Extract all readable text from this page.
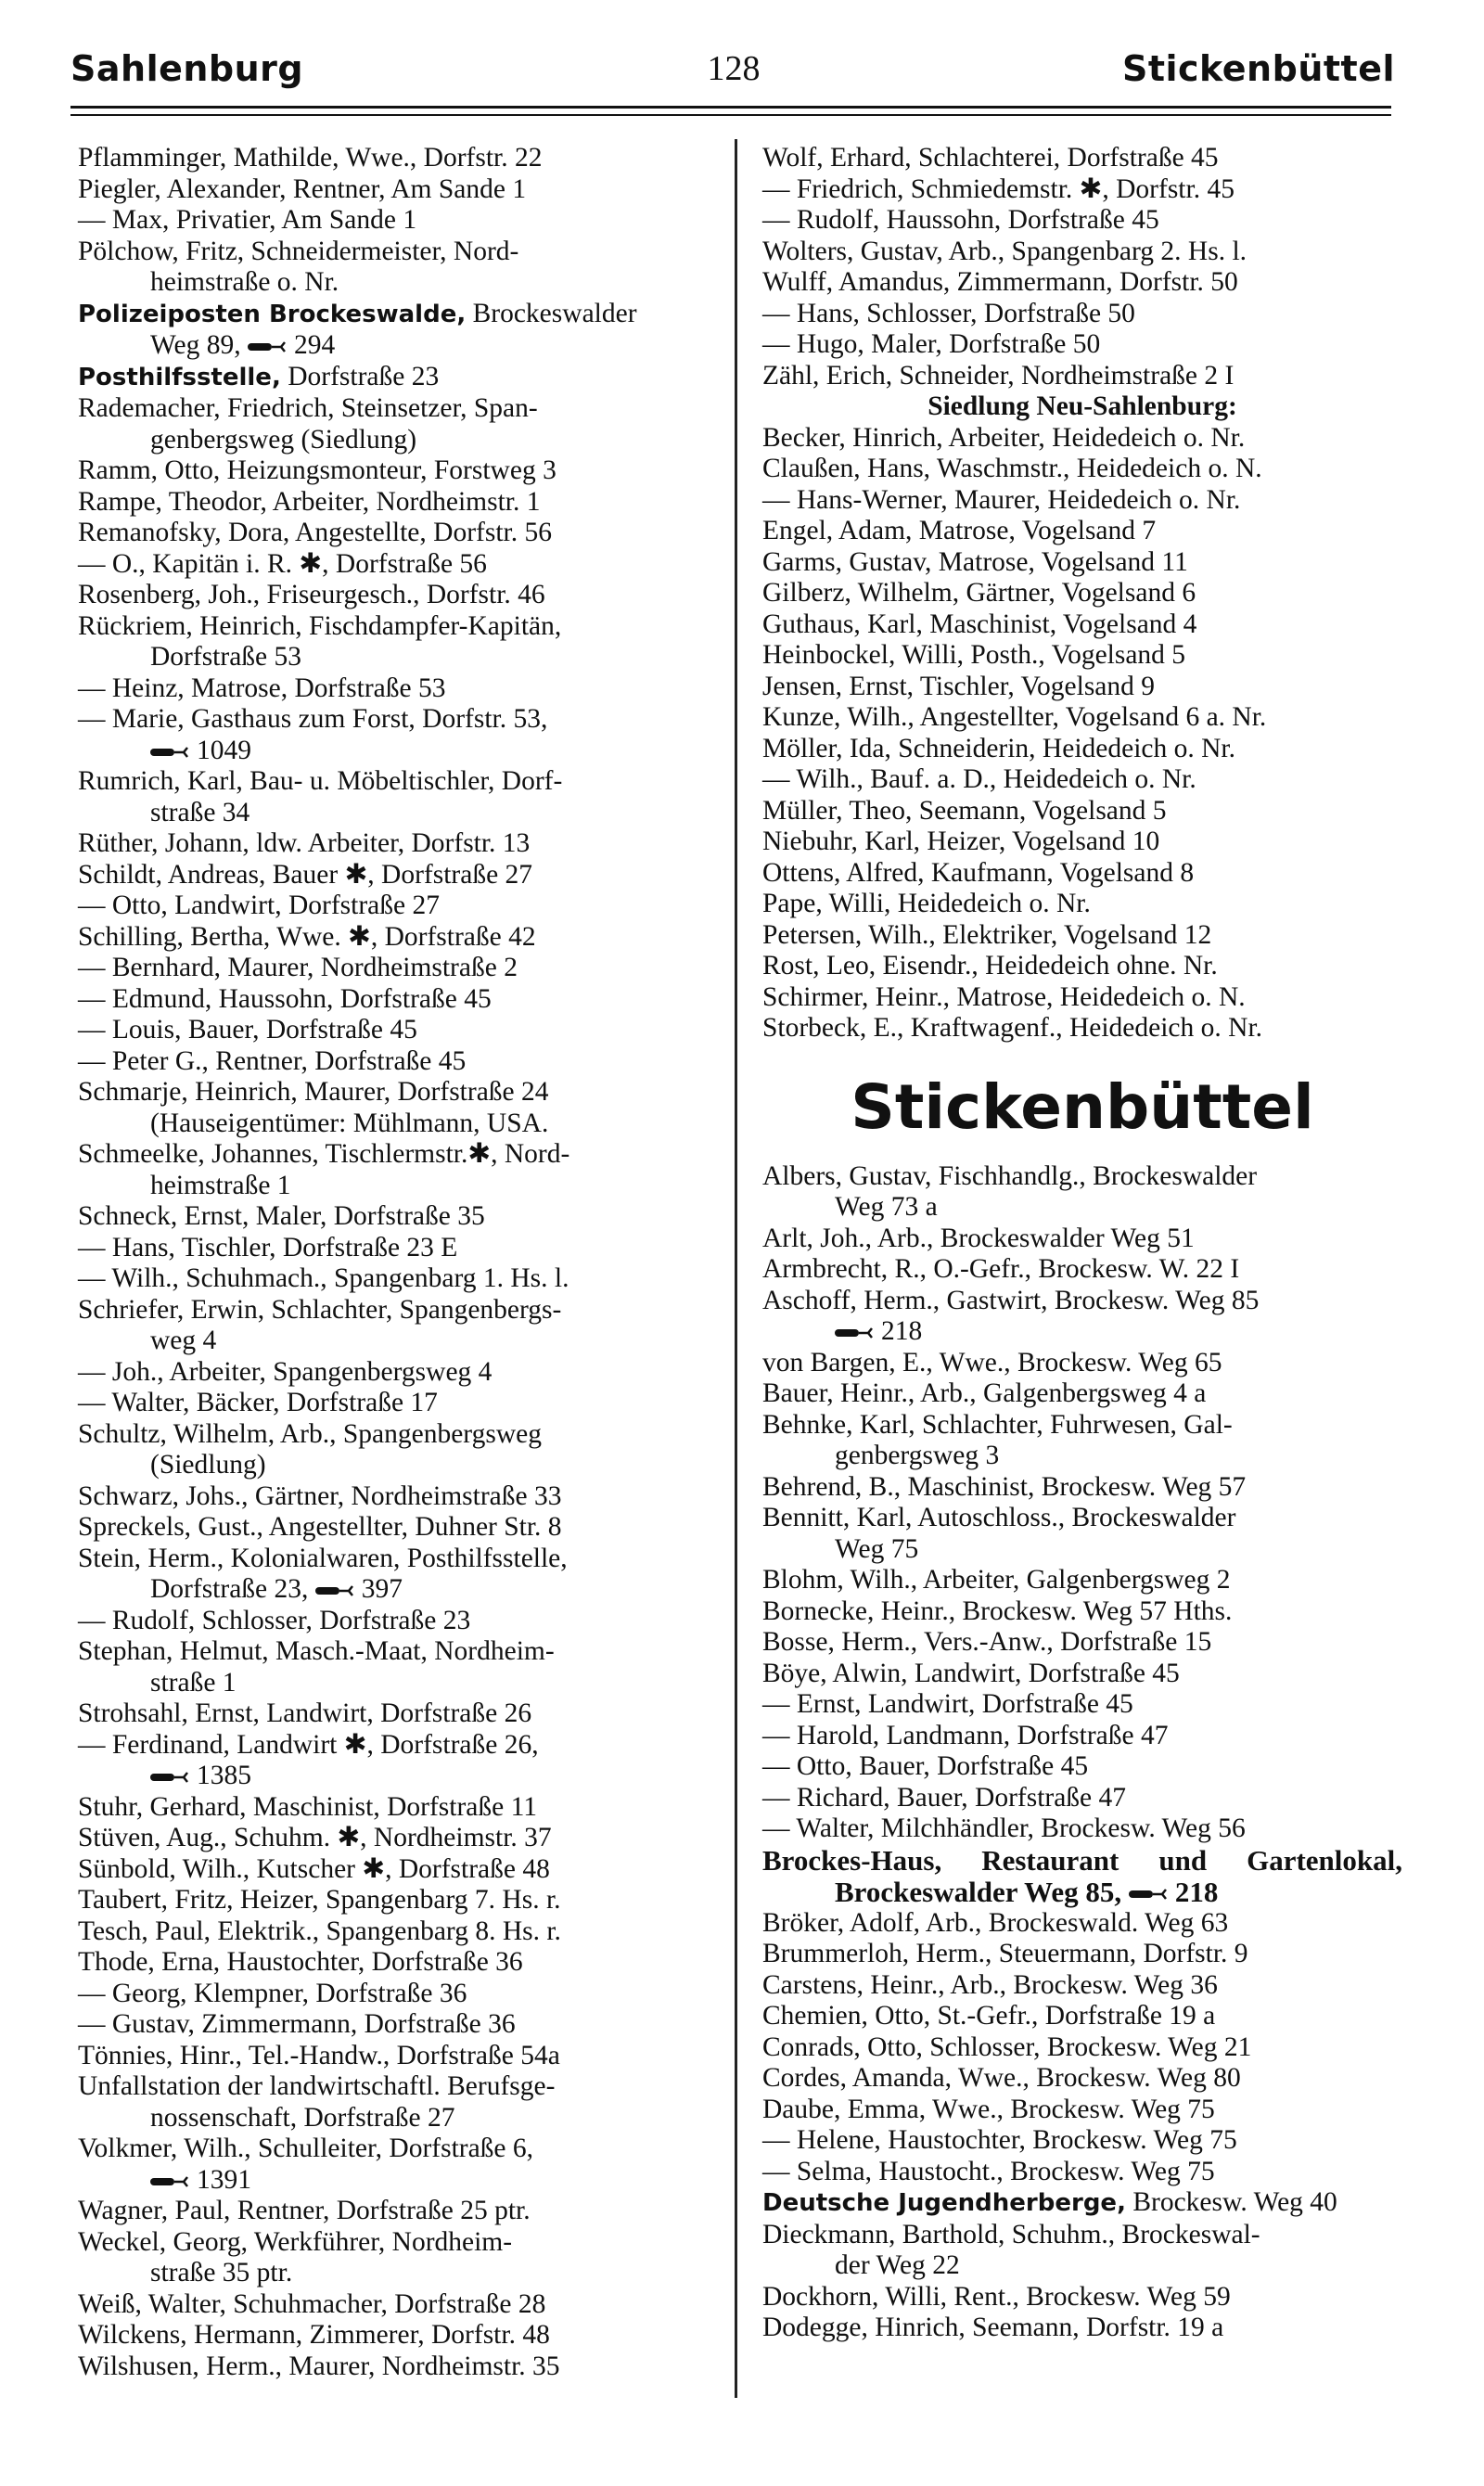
Sahlenburg	128	Stickenbüttel
Pflamminger, Mathilde, Wwe., Dorfstr. 22
Piegler, Alexander, Rentner, Am Sande 1
— Max, Privatier, Am Sande 1
Pölchow, Fritz, Schneidermeister, Nord-
heimstraße o. Nr.
Polizeiposten Brockeswalde, Brockeswalder
Weg 89, 294
Posthilfsstelle, Dorfstraße 23
Rademacher, Friedrich, Steinsetzer, Span-
genbergsweg (Siedlung)
Ramm, Otto, Heizungsmonteur, Forstweg 3
Rampe, Theodor, Arbeiter, Nordheimstr. 1
Remanofsky, Dora, Angestellte, Dorfstr. 56
— O., Kapitän i. R. ✱, Dorfstraße 56
Rosenberg, Joh., Friseurgesch., Dorfstr. 46
Rückriem, Heinrich, Fischdampfer-Kapitän,
Dorfstraße 53
— Heinz, Matrose, Dorfstraße 53
— Marie, Gasthaus zum Forst, Dorfstr. 53,
1049
Rumrich, Karl, Bau- u. Möbeltischler, Dorf-
straße 34
Rüther, Johann, ldw. Arbeiter, Dorfstr. 13
Schildt, Andreas, Bauer ✱, Dorfstraße 27
— Otto, Landwirt, Dorfstraße 27
Schilling, Bertha, Wwe. ✱, Dorfstraße 42
— Bernhard, Maurer, Nordheimstraße 2
— Edmund, Haussohn, Dorfstraße 45
— Louis, Bauer, Dorfstraße 45
— Peter G., Rentner, Dorfstraße 45
Schmarje, Heinrich, Maurer, Dorfstraße 24
(Hauseigentümer: Mühlmann, USA.
Schmeelke, Johannes, Tischlermstr.✱, Nord-
heimstraße 1
Schneck, Ernst, Maler, Dorfstraße 35
— Hans, Tischler, Dorfstraße 23 E
— Wilh., Schuhmach., Spangenbarg 1. Hs. l.
Schriefer, Erwin, Schlachter, Spangenbergs-
weg 4
— Joh., Arbeiter, Spangenbergsweg 4
— Walter, Bäcker, Dorfstraße 17
Schultz, Wilhelm, Arb., Spangenbergsweg
(Siedlung)
Schwarz, Johs., Gärtner, Nordheimstraße 33
Spreckels, Gust., Angestellter, Duhner Str. 8
Stein, Herm., Kolonialwaren, Posthilfsstelle,
Dorfstraße 23, 397
— Rudolf, Schlosser, Dorfstraße 23
Stephan, Helmut, Masch.-Maat, Nordheim-
straße 1
Strohsahl, Ernst, Landwirt, Dorfstraße 26
— Ferdinand, Landwirt ✱, Dorfstraße 26,
1385
Stuhr, Gerhard, Maschinist, Dorfstraße 11
Stüven, Aug., Schuhm. ✱, Nordheimstr. 37
Sünbold, Wilh., Kutscher ✱, Dorfstraße 48
Taubert, Fritz, Heizer, Spangenbarg 7. Hs. r.
Tesch, Paul, Elektrik., Spangenbarg 8. Hs. r.
Thode, Erna, Haustochter, Dorfstraße 36
— Georg, Klempner, Dorfstraße 36
— Gustav, Zimmermann, Dorfstraße 36
Tönnies, Hinr., Tel.-Handw., Dorfstraße 54a
Unfallstation der landwirtschaftl. Berufsge-
nossenschaft, Dorfstraße 27
Volkmer, Wilh., Schulleiter, Dorfstraße 6,
1391
Wagner, Paul, Rentner, Dorfstraße 25 ptr.
Weckel, Georg, Werkführer, Nordheim-
straße 35 ptr.
Weiß, Walter, Schuhmacher, Dorfstraße 28
Wilckens, Hermann, Zimmerer, Dorfstr. 48
Wilshusen, Herm., Maurer, Nordheimstr. 35
Wolf, Erhard, Schlachterei, Dorfstraße 45
— Friedrich, Schmiedemstr. ✱, Dorfstr. 45
— Rudolf, Haussohn, Dorfstraße 45
Wolters, Gustav, Arb., Spangenbarg 2. Hs. l.
Wulff, Amandus, Zimmermann, Dorfstr. 50
— Hans, Schlosser, Dorfstraße 50
— Hugo, Maler, Dorfstraße 50
Zähl, Erich, Schneider, Nordheimstraße 2 I
Siedlung Neu-Sahlenburg:
Becker, Hinrich, Arbeiter, Heidedeich o. Nr.
Claußen, Hans, Waschmstr., Heidedeich o. N.
— Hans-Werner, Maurer, Heidedeich o. Nr.
Engel, Adam, Matrose, Vogelsand 7
Garms, Gustav, Matrose, Vogelsand 11
Gilberz, Wilhelm, Gärtner, Vogelsand 6
Guthaus, Karl, Maschinist, Vogelsand 4
Heinbockel, Willi, Posth., Vogelsand 5
Jensen, Ernst, Tischler, Vogelsand 9
Kunze, Wilh., Angestellter, Vogelsand 6 a. Nr.
Möller, Ida, Schneiderin, Heidedeich o. Nr.
— Wilh., Bauf. a. D., Heidedeich o. Nr.
Müller, Theo, Seemann, Vogelsand 5
Niebuhr, Karl, Heizer, Vogelsand 10
Ottens, Alfred, Kaufmann, Vogelsand 8
Pape, Willi, Heidedeich o. Nr.
Petersen, Wilh., Elektriker, Vogelsand 12
Rost, Leo, Eisendr., Heidedeich ohne. Nr.
Schirmer, Heinr., Matrose, Heidedeich o. N.
Storbeck, E., Kraftwagenf., Heidedeich o. Nr.
Stickenbüttel
Albers, Gustav, Fischhandlg., Brockeswalder
Weg 73 a
Arlt, Joh., Arb., Brockeswalder Weg 51
Armbrecht, R., O.-Gefr., Brockesw. W. 22 I
Aschoff, Herm., Gastwirt, Brockesw. Weg 85
218
von Bargen, E., Wwe., Brockesw. Weg 65
Bauer, Heinr., Arb., Galgenbergsweg 4 a
Behnke, Karl, Schlachter, Fuhrwesen, Gal-
genbergsweg 3
Behrend, B., Maschinist, Brockesw. Weg 57
Bennitt, Karl, Autoschloss., Brockeswalder
Weg 75
Blohm, Wilh., Arbeiter, Galgenbergsweg 2
Bornecke, Heinr., Brockesw. Weg 57 Hths.
Bosse, Herm., Vers.-Anw., Dorfstraße 15
Böye, Alwin, Landwirt, Dorfstraße 45
— Ernst, Landwirt, Dorfstraße 45
— Harold, Landmann, Dorfstraße 47
— Otto, Bauer, Dorfstraße 45
— Richard, Bauer, Dorfstraße 47
— Walter, Milchhändler, Brockesw. Weg 56
Brockes-Haus, Restaurant und Gartenlokal, Brockeswalder Weg 85, 218
Bröker, Adolf, Arb., Brockeswald. Weg 63
Brummerloh, Herm., Steuermann, Dorfstr. 9
Carstens, Heinr., Arb., Brockesw. Weg 36
Chemien, Otto, St.-Gefr., Dorfstraße 19 a
Conrads, Otto, Schlosser, Brockesw. Weg 21
Cordes, Amanda, Wwe., Brockesw. Weg 80
Daube, Emma, Wwe., Brockesw. Weg 75
— Helene, Haustochter, Brockesw. Weg 75
— Selma, Haustocht., Brockesw. Weg 75
Deutsche Jugendherberge, Brockesw. Weg 40
Dieckmann, Barthold, Schuhm., Brockeswal-
der Weg 22
Dockhorn, Willi, Rent., Brockesw. Weg 59
Dodegge, Hinrich, Seemann, Dorfstr. 19 a
